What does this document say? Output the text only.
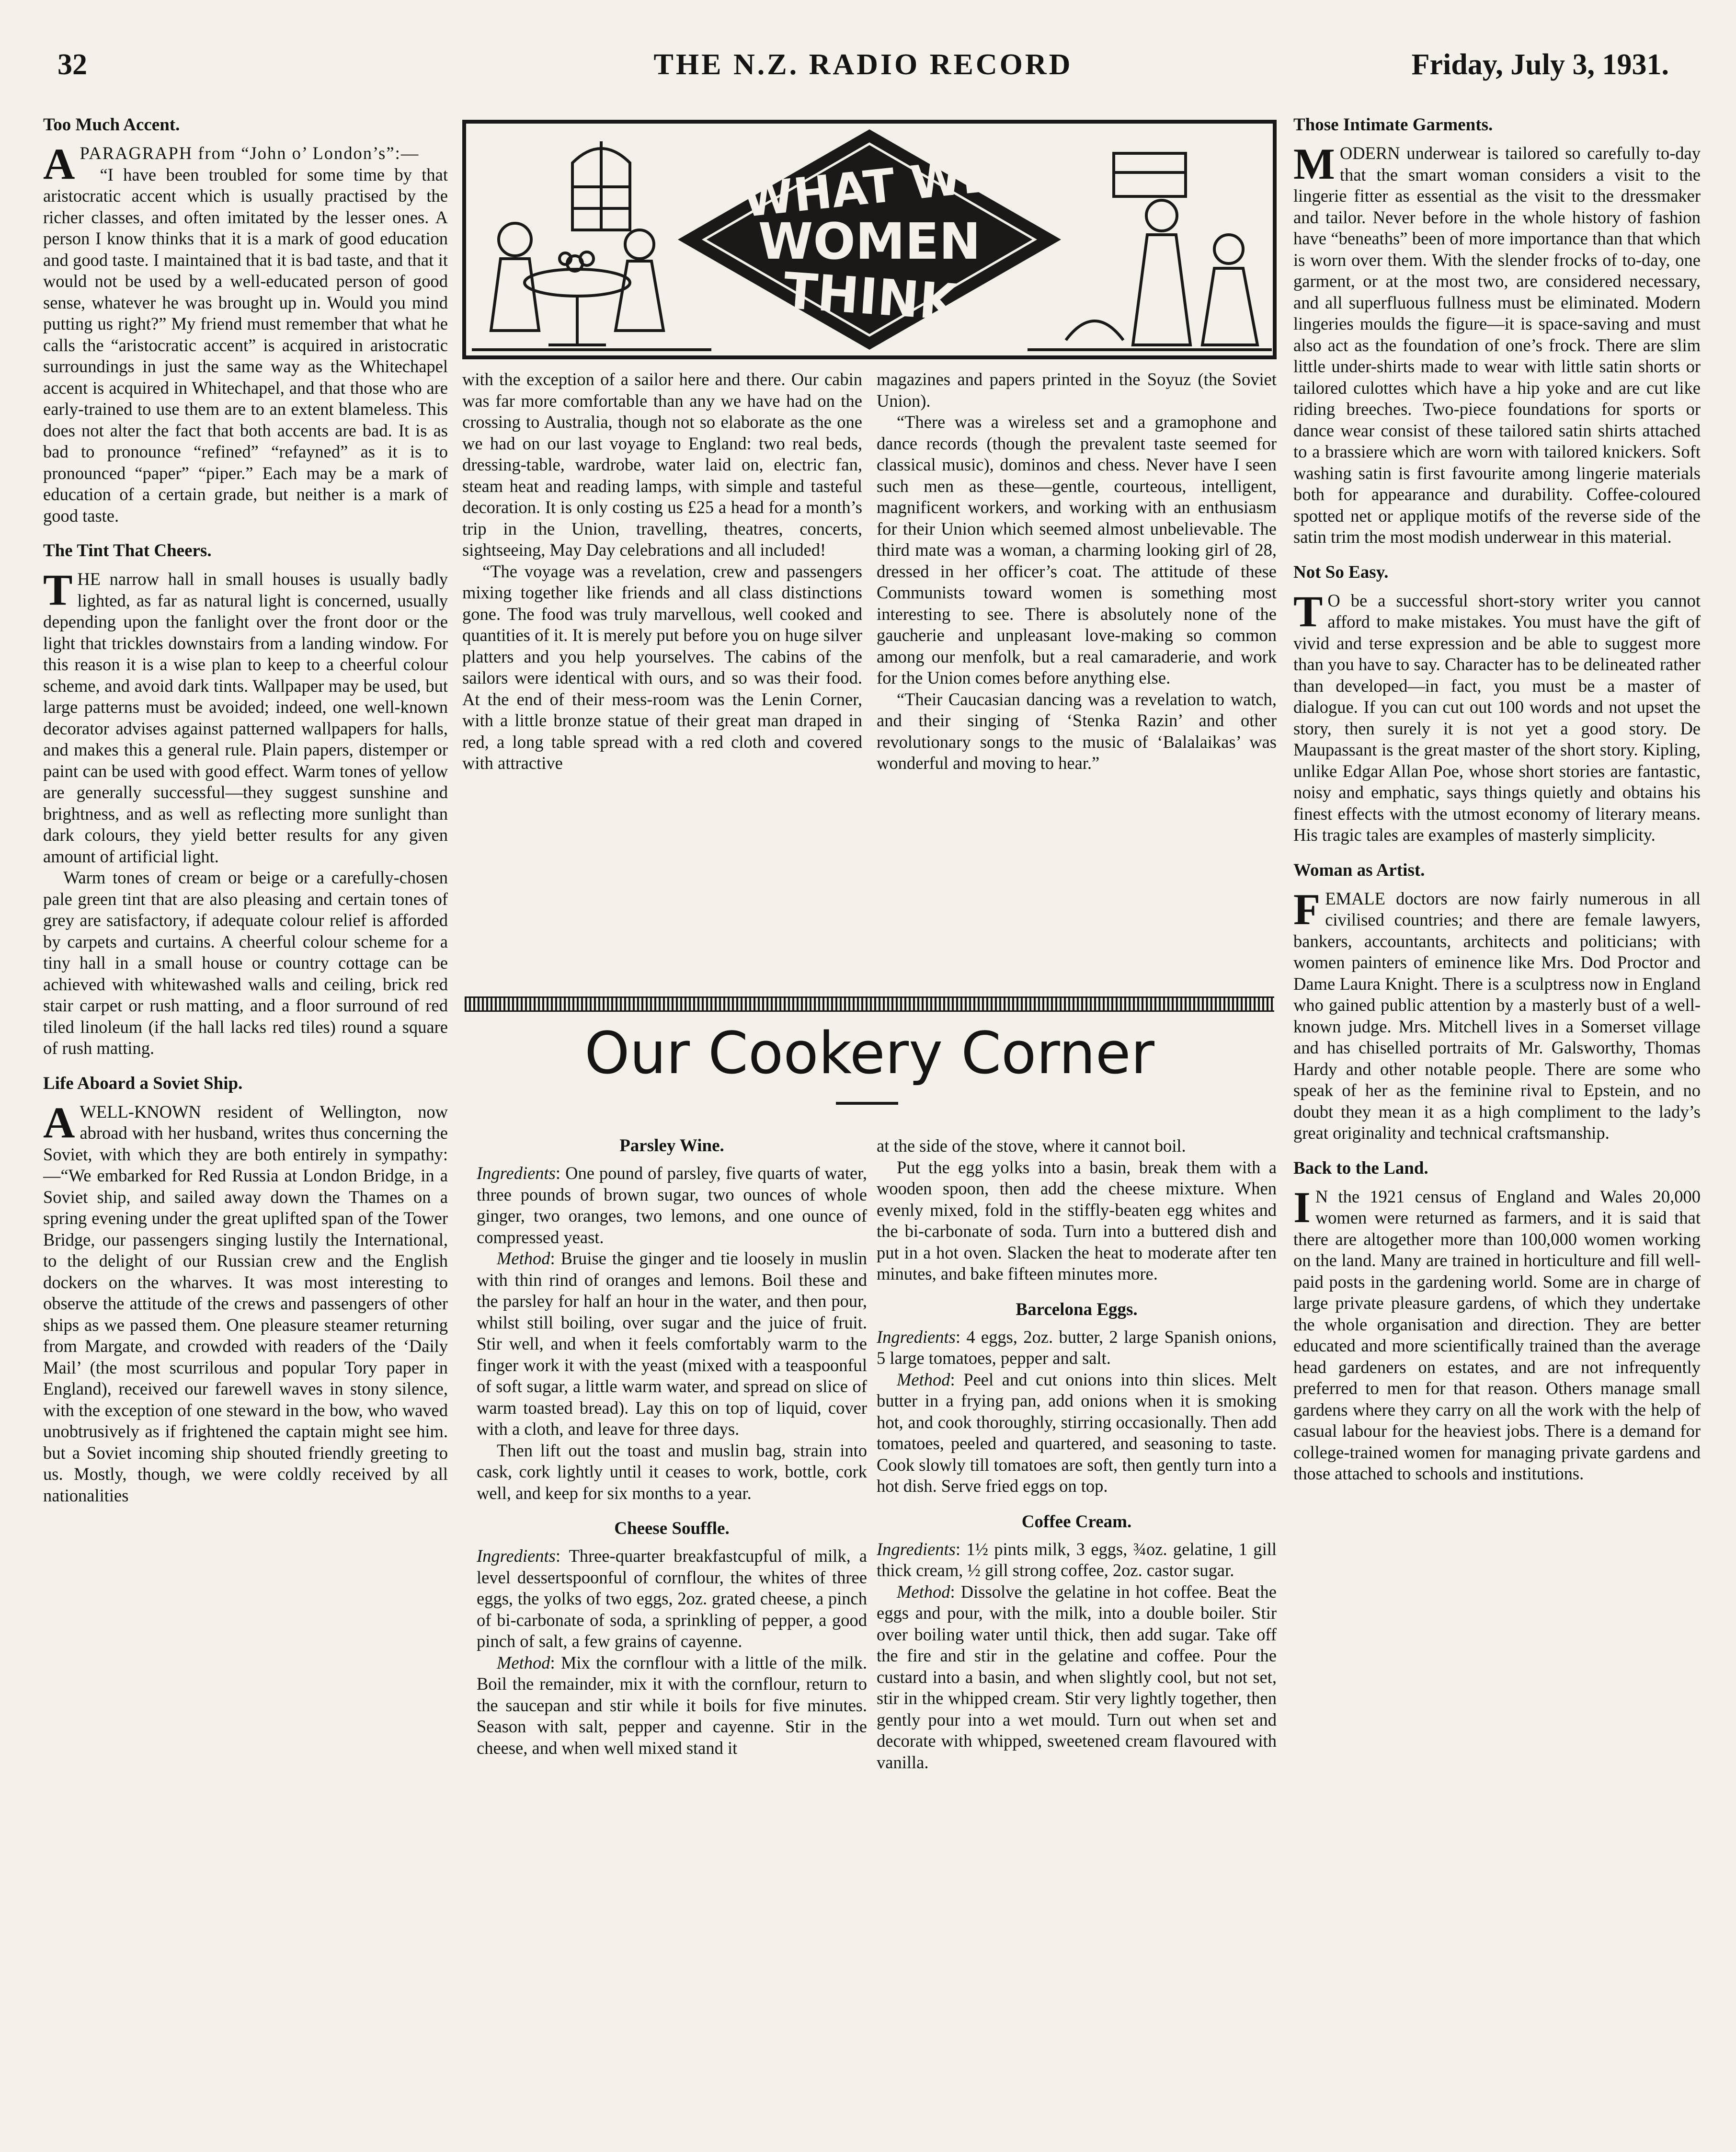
32	THE N.Z. RADIO RECORD	Friday, July 3, 1931.
Too Much Accent.

APARAGRAPH from “John o’ London’s”:—

“I have been troubled for some time by that aristocratic accent which is usually practised by the richer classes, and often imitated by the lesser ones. A person I know thinks that it is a mark of good education and good taste. I maintained that it is bad taste, and that it would not be used by a well-educated person of good sense, whatever he was brought up in. Would you mind putting us right?” My friend must remember that what he calls the “aristocratic accent” is acquired in aristocratic surroundings in just the same way as the Whitechapel accent is acquired in Whitechapel, and that those who are early-trained to use them are to an extent blameless. This does not alter the fact that both accents are bad. It is as bad to pronounce “refined” “refayned” as it is to pronounced “paper” “piper.” Each may be a mark of education of a certain grade, but neither is a mark of good taste.

The Tint That Cheers.

THE narrow hall in small houses is usually badly lighted, as far as natural light is concerned, usually depending upon the fanlight over the front door or the light that trickles downstairs from a landing window. For this reason it is a wise plan to keep to a cheerful colour scheme, and avoid dark tints. Wallpaper may be used, but large patterns must be avoided; indeed, one well-known decorator advises against patterned wallpapers for halls, and makes this a general rule. Plain papers, distemper or paint can be used with good effect. Warm tones of yellow are generally successful—they suggest sunshine and brightness, and as well as reflecting more sunlight than dark colours, they yield better results for any given amount of artificial light.

Warm tones of cream or beige or a carefully-chosen pale green tint that are also pleasing and certain tones of grey are satisfactory, if adequate colour relief is afforded by carpets and curtains. A cheerful colour scheme for a tiny hall in a small house or country cottage can be achieved with whitewashed walls and ceiling, brick red stair carpet or rush matting, and a floor surround of red tiled linoleum (if the hall lacks red tiles) round a square of rush matting.

Life Aboard a Soviet Ship.

AWELL-KNOWN resident of Wellington, now abroad with her husband, writes thus concerning the Soviet, with which they are both entirely in sympathy:—“We embarked for Red Russia at London Bridge, in a Soviet ship, and sailed away down the Thames on a spring evening under the great uplifted span of the Tower Bridge, our passengers singing lustily the International, to the delight of our Russian crew and the English dockers on the wharves. It was most interesting to observe the attitude of the crews and passengers of other ships as we passed them. One pleasure steamer returning from Margate, and crowded with readers of the ‘Daily Mail’ (the most scurrilous and popular Tory paper in England), received our farewell waves in stony silence, with the exception of one steward in the bow, who waved unobtrusively as if frightened the captain might see him. but a Soviet incoming ship shouted friendly greeting to us. Mostly, though, we were coldly received by all nationalities

WHAT WE
WOMEN
THINK

with the exception of a sailor here and there. Our cabin was far more comfortable than any we have had on the crossing to Australia, though not so elaborate as the one we had on our last voyage to England: two real beds, dressing-table, wardrobe, water laid on, electric fan, steam heat and reading lamps, with simple and tasteful decoration. It is only costing us £25 a head for a month’s trip in the Union, travelling, theatres, concerts, sightseeing, May Day celebrations and all included!

“The voyage was a revelation, crew and passengers mixing together like friends and all class distinctions gone. The food was truly marvellous, well cooked and quantities of it. It is merely put before you on huge silver platters and you help yourselves. The cabins of the sailors were identical with ours, and so was their food. At the end of their mess-room was the Lenin Corner, with a little bronze statue of their great man draped in red, a long table spread with a red cloth and covered with attractive

magazines and papers printed in the Soyuz (the Soviet Union).

“There was a wireless set and a gramophone and dance records (though the prevalent taste seemed for classical music), dominos and chess. Never have I seen such men as these—gentle, courteous, intelligent, magnificent workers, and working with an enthusiasm for their Union which seemed almost unbelievable. The third mate was a woman, a charming looking girl of 28, dressed in her officer’s coat. The attitude of these Communists toward women is something most interesting to see. There is absolutely none of the gaucherie and unpleasant love-making so common among our menfolk, but a real camaraderie, and work for the Union comes before anything else.

“Their Caucasian dancing was a revelation to watch, and their singing of ‘Stenka Razin’ and other revolutionary songs to the music of ‘Balalaikas’ was wonderful and moving to hear.”

Our Cookery Corner
Parsley Wine.

Ingredients: One pound of parsley, five quarts of water, three pounds of brown sugar, two ounces of whole ginger, two oranges, two lemons, and one ounce of compressed yeast.

Method: Bruise the ginger and tie loosely in muslin with thin rind of oranges and lemons. Boil these and the parsley for half an hour in the water, and then pour, whilst still boiling, over sugar and the juice of fruit. Stir well, and when it feels comfortably warm to the finger work it with the yeast (mixed with a teaspoonful of soft sugar, a little warm water, and spread on slice of warm toasted bread). Lay this on top of liquid, cover with a cloth, and leave for three days.

Then lift out the toast and muslin bag, strain into cask, cork lightly until it ceases to work, bottle, cork well, and keep for six months to a year.

Cheese Souffle.

Ingredients: Three-quarter breakfastcupful of milk, a level dessertspoonful of cornflour, the whites of three eggs, the yolks of two eggs, 2oz. grated cheese, a pinch of bi-carbonate of soda, a sprinkling of pepper, a good pinch of salt, a few grains of cayenne.

Method: Mix the cornflour with a little of the milk. Boil the remainder, mix it with the cornflour, return to the saucepan and stir while it boils for five minutes. Season with salt, pepper and cayenne. Stir in the cheese, and when well mixed stand it

at the side of the stove, where it cannot boil.

Put the egg yolks into a basin, break them with a wooden spoon, then add the cheese mixture. When evenly mixed, fold in the stiffly-beaten egg whites and the bi-carbonate of soda. Turn into a buttered dish and put in a hot oven. Slacken the heat to moderate after ten minutes, and bake fifteen minutes more.

Barcelona Eggs.

Ingredients: 4 eggs, 2oz. butter, 2 large Spanish onions, 5 large tomatoes, pepper and salt.

Method: Peel and cut onions into thin slices. Melt butter in a frying pan, add onions when it is smoking hot, and cook thoroughly, stirring occasionally. Then add tomatoes, peeled and quartered, and seasoning to taste. Cook slowly till tomatoes are soft, then gently turn into a hot dish. Serve fried eggs on top.

Coffee Cream.

Ingredients: 1½ pints milk, 3 eggs, ¾oz. gelatine, 1 gill thick cream, ½ gill strong coffee, 2oz. castor sugar.

Method: Dissolve the gelatine in hot coffee. Beat the eggs and pour, with the milk, into a double boiler. Stir over boiling water until thick, then add sugar. Take off the fire and stir in the gelatine and coffee. Pour the custard into a basin, and when slightly cool, but not set, stir in the whipped cream. Stir very lightly together, then gently pour into a wet mould. Turn out when set and decorate with whipped, sweetened cream flavoured with vanilla.

Those Intimate Garments.

MODERN underwear is tailored so carefully to-day that the smart woman considers a visit to the lingerie fitter as essential as the visit to the dressmaker and tailor. Never before in the whole history of fashion have “beneaths” been of more importance than that which is worn over them. With the slender frocks of to-day, one garment, or at the most two, are considered necessary, and all superfluous fullness must be eliminated. Modern lingeries moulds the figure—it is space-saving and must also act as the foundation of one’s frock. There are slim little under-shirts made to wear with little satin shorts or tailored culottes which have a hip yoke and are cut like riding breeches. Two-piece foundations for sports or dance wear consist of these tailored satin shirts attached to a brassiere which are worn with tailored knickers. Soft washing satin is first favourite among lingerie materials both for appearance and durability. Coffee-coloured spotted net or applique motifs of the reverse side of the satin trim the most modish underwear in this material.

Not So Easy.

T O be a successful short-story writer you cannot afford to make mistakes. You must have the gift of vivid and terse expression and be able to suggest more than you have to say. Character has to be delineated rather than developed—in fact, you must be a master of dialogue. If you can cut out 100 words and not upset the story, then surely it is not yet a good story. De Maupassant is the great master of the short story. Kipling, unlike Edgar Allan Poe, whose short stories are fantastic, noisy and emphatic, says things quietly and obtains his finest effects with the utmost economy of literary means. His tragic tales are examples of masterly simplicity.

Woman as Artist.

FEMALE doctors are now fairly numerous in all civilised countries; and there are female lawyers, bankers, accountants, architects and politicians; with women painters of eminence like Mrs. Dod Proctor and Dame Laura Knight. There is a sculptress now in England who gained public attention by a masterly bust of a well-known judge. Mrs. Mitchell lives in a Somerset village and has chiselled portraits of Mr. Galsworthy, Thomas Hardy and other notable people. There are some who speak of her as the feminine rival to Epstein, and no doubt they mean it as a high compliment to the lady’s great originality and technical craftsmanship.

Back to the Land.

I N the 1921 census of England and Wales 20,000 women were returned as farmers, and it is said that there are altogether more than 100,000 women working on the land. Many are trained in horticulture and fill well-paid posts in the gardening world. Some are in charge of large private pleasure gardens, of which they undertake the whole organisation and direction. They are better educated and more scientifically trained than the average head gardeners on estates, and are not infrequently preferred to men for that reason. Others manage small gardens where they carry on all the work with the help of casual labour for the heaviest jobs. There is a demand for college-trained women for managing private gardens and those attached to schools and institutions.
